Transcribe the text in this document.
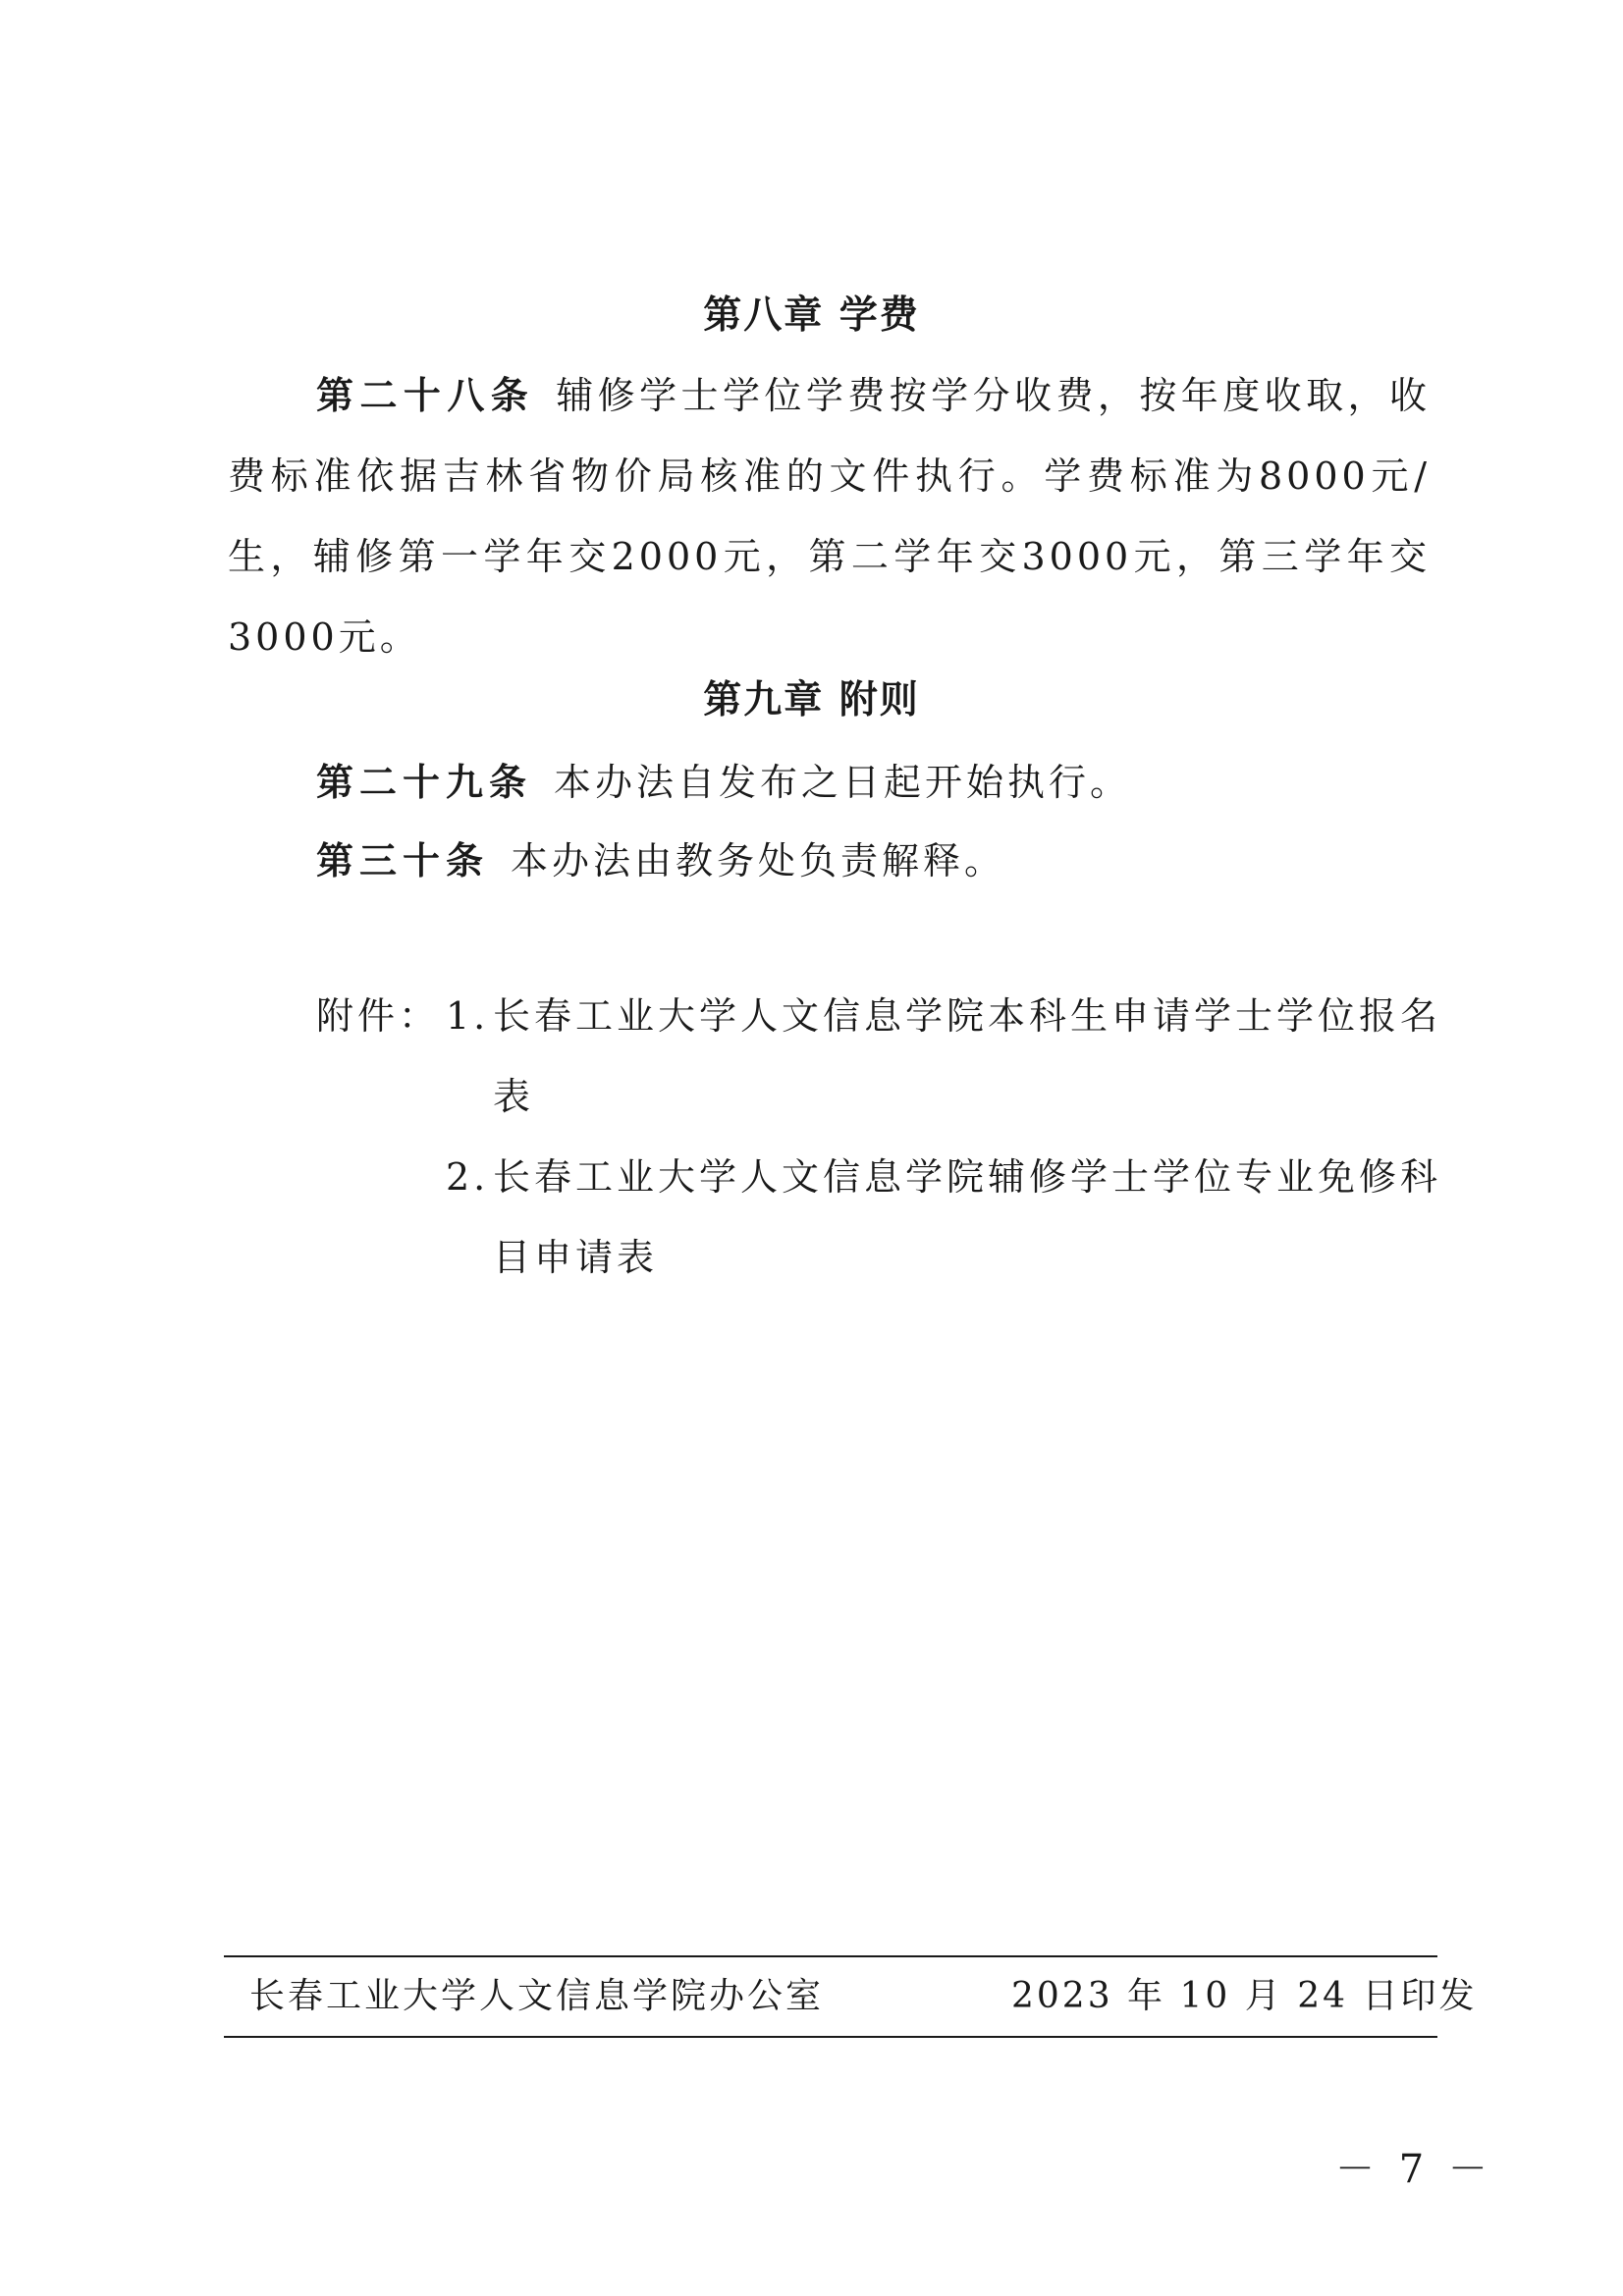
第八章 学费
第二十八条 辅修学士学位学费按学分收费，按年度收取，收费标准依据吉林省物价局核准的文件执行。学费标准为8000元/生，辅修第一学年交2000元，第二学年交3000元，第三学年交3000元。
第九章 附则
第二十九条 本办法自发布之日起开始执行。
第三十条 本办法由教务处负责解释。
附件： 1. 长春工业大学人文信息学院本科生申请学士学位报名表
2. 长春工业大学人文信息学院辅修学士学位专业免修科目申请表
长春工业大学人文信息学院办公室	2023 年 10 月 24 日印发
－ 7 －
